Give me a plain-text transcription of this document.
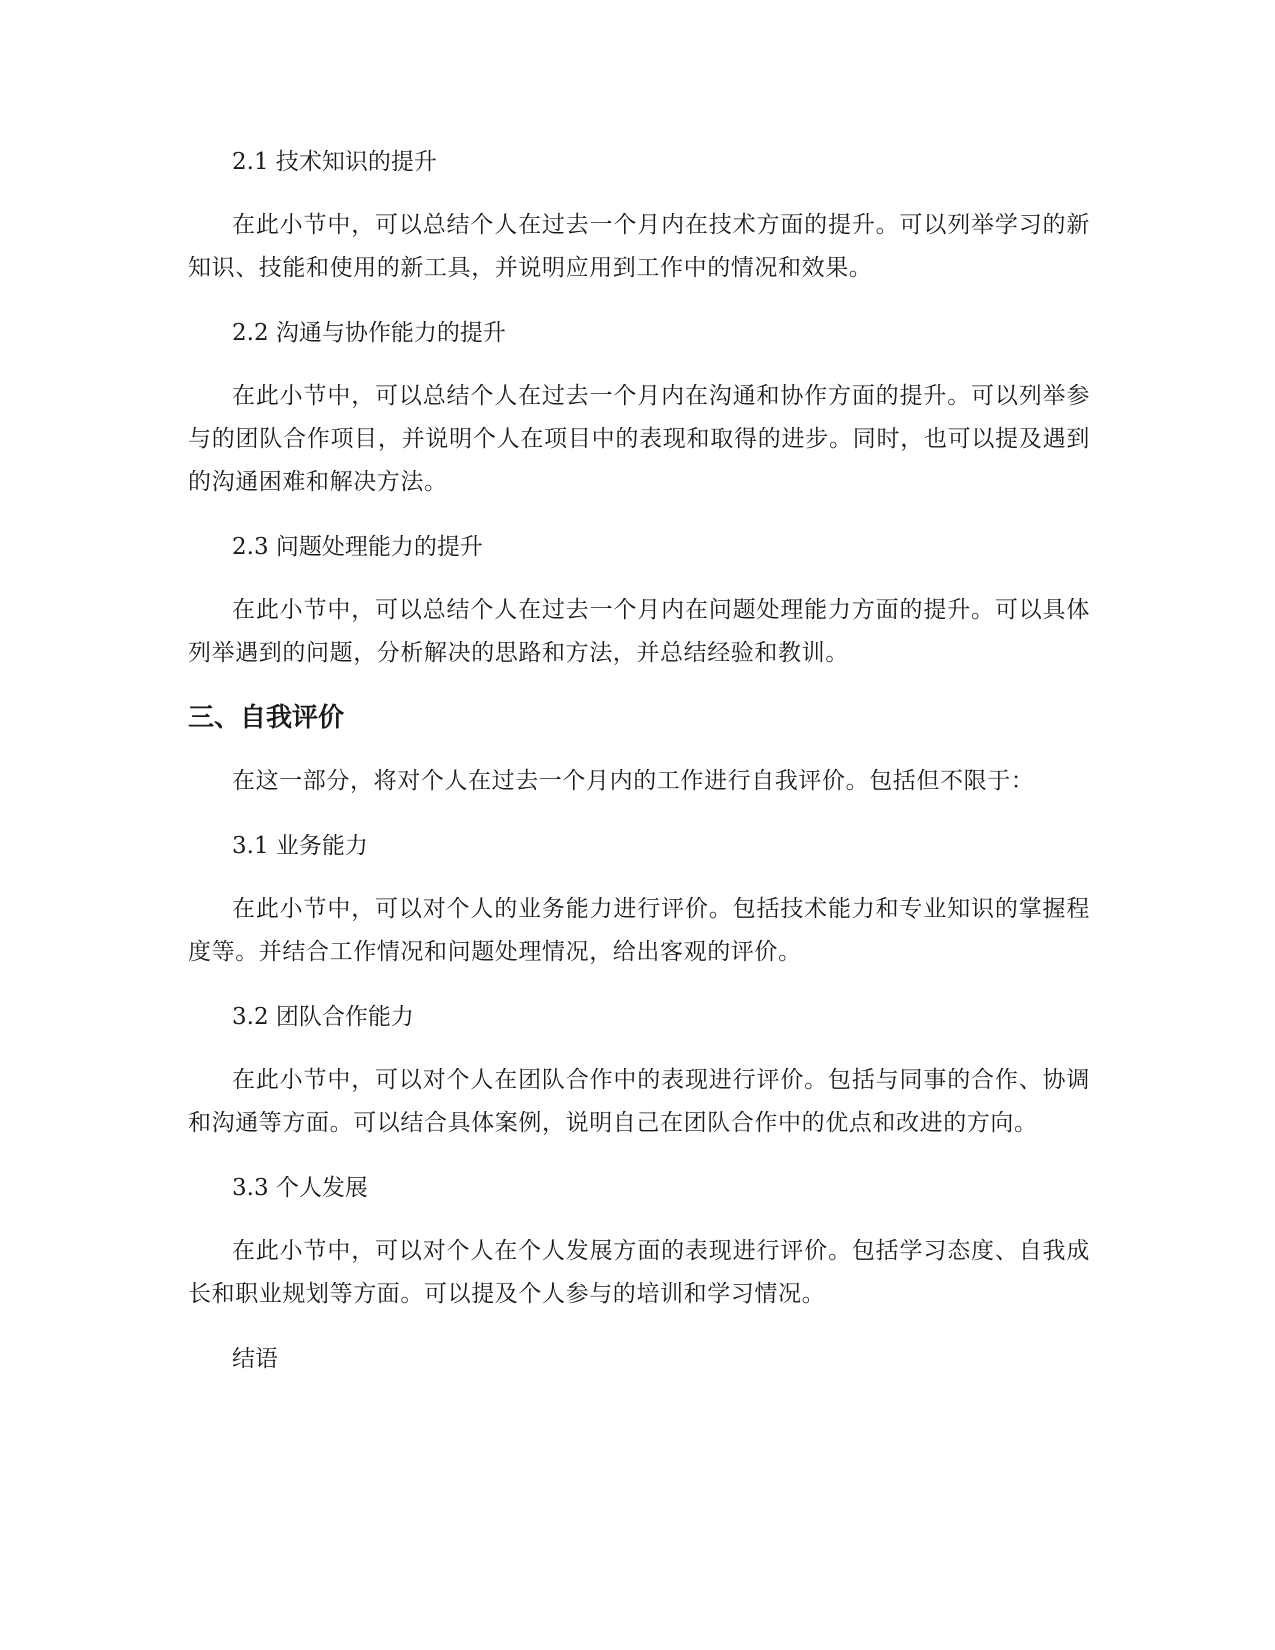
2.1 技术知识的提升

在此小节中，可以总结个人在过去一个月内在技术方面的提升。可以列举学习的新知识、技能和使用的新工具，并说明应用到工作中的情况和效果。

2.2 沟通与协作能力的提升

在此小节中，可以总结个人在过去一个月内在沟通和协作方面的提升。可以列举参与的团队合作项目，并说明个人在项目中的表现和取得的进步。同时，也可以提及遇到的沟通困难和解决方法。

2.3 问题处理能力的提升

在此小节中，可以总结个人在过去一个月内在问题处理能力方面的提升。可以具体列举遇到的问题，分析解决的思路和方法，并总结经验和教训。

三、自我评价

在这一部分，将对个人在过去一个月内的工作进行自我评价。包括但不限于：

3.1 业务能力

在此小节中，可以对个人的业务能力进行评价。包括技术能力和专业知识的掌握程度等。并结合工作情况和问题处理情况，给出客观的评价。

3.2 团队合作能力

在此小节中，可以对个人在团队合作中的表现进行评价。包括与同事的合作、协调和沟通等方面。可以结合具体案例，说明自己在团队合作中的优点和改进的方向。

3.3 个人发展

在此小节中，可以对个人在个人发展方面的表现进行评价。包括学习态度、自我成长和职业规划等方面。可以提及个人参与的培训和学习情况。

结语
